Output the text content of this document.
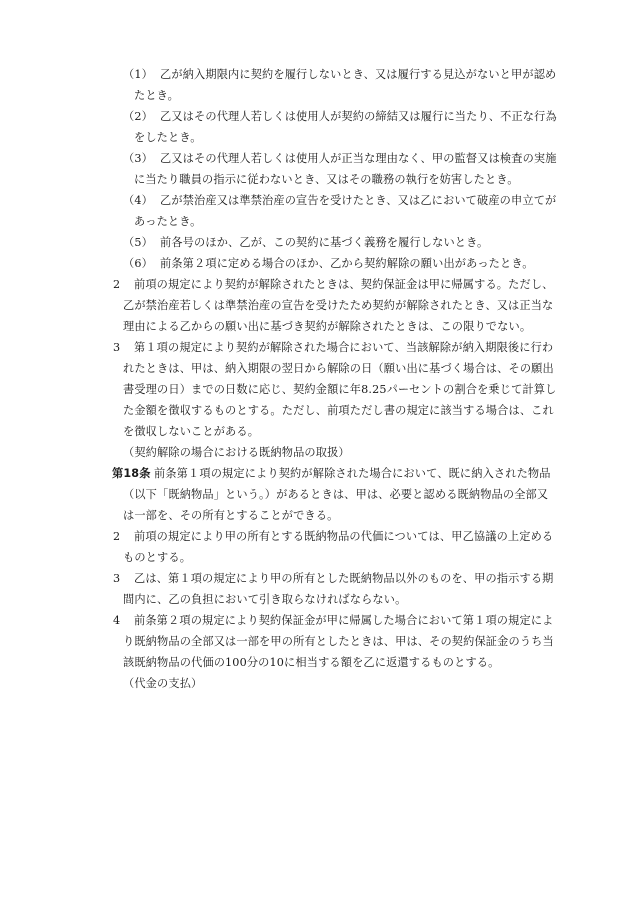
（1） 乙が納入期限内に契約を履行しないとき、又は履行する見込がないと甲が認め
たとき。
（2） 乙又はその代理人若しくは使用人が契約の締結又は履行に当たり、不正な行為
をしたとき。
（3） 乙又はその代理人若しくは使用人が正当な理由なく、甲の監督又は検査の実施
に当たり職員の指示に従わないとき、又はその職務の執行を妨害したとき。
（4） 乙が禁治産又は準禁治産の宣告を受けたとき、又は乙において破産の申立てが
あったとき。
（5） 前各号のほか、乙が、この契約に基づく義務を履行しないとき。
（6） 前条第２項に定める場合のほか、乙から契約解除の願い出があったとき。
2 前項の規定により契約が解除されたときは、契約保証金は甲に帰属する。ただし、
乙が禁治産若しくは準禁治産の宣告を受けたため契約が解除されたとき、又は正当な
理由による乙からの願い出に基づき契約が解除されたときは、この限りでない。
3 第１項の規定により契約が解除された場合において、当該解除が納入期限後に行わ
れたときは、甲は、納入期限の翌日から解除の日（願い出に基づく場合は、その願出
書受理の日）までの日数に応じ、契約金額に年8.25パーセントの割合を乗じて計算し
た金額を徴収するものとする。ただし、前項ただし書の規定に該当する場合は、これ
を徴収しないことがある。
（契約解除の場合における既納物品の取扱）
第18条 前条第１項の規定により契約が解除された場合において、既に納入された物品
（以下「既納物品」という。）があるときは、甲は、必要と認める既納物品の全部又
は一部を、その所有とすることができる。
2 前項の規定により甲の所有とする既納物品の代価については、甲乙協議の上定める
ものとする。
3 乙は、第１項の規定により甲の所有とした既納物品以外のものを、甲の指示する期
間内に、乙の負担において引き取らなければならない。
4 前条第２項の規定により契約保証金が甲に帰属した場合において第１項の規定によ
り既納物品の全部又は一部を甲の所有としたときは、甲は、その契約保証金のうち当
該既納物品の代価の100分の10に相当する額を乙に返還するものとする。
（代金の支払）
